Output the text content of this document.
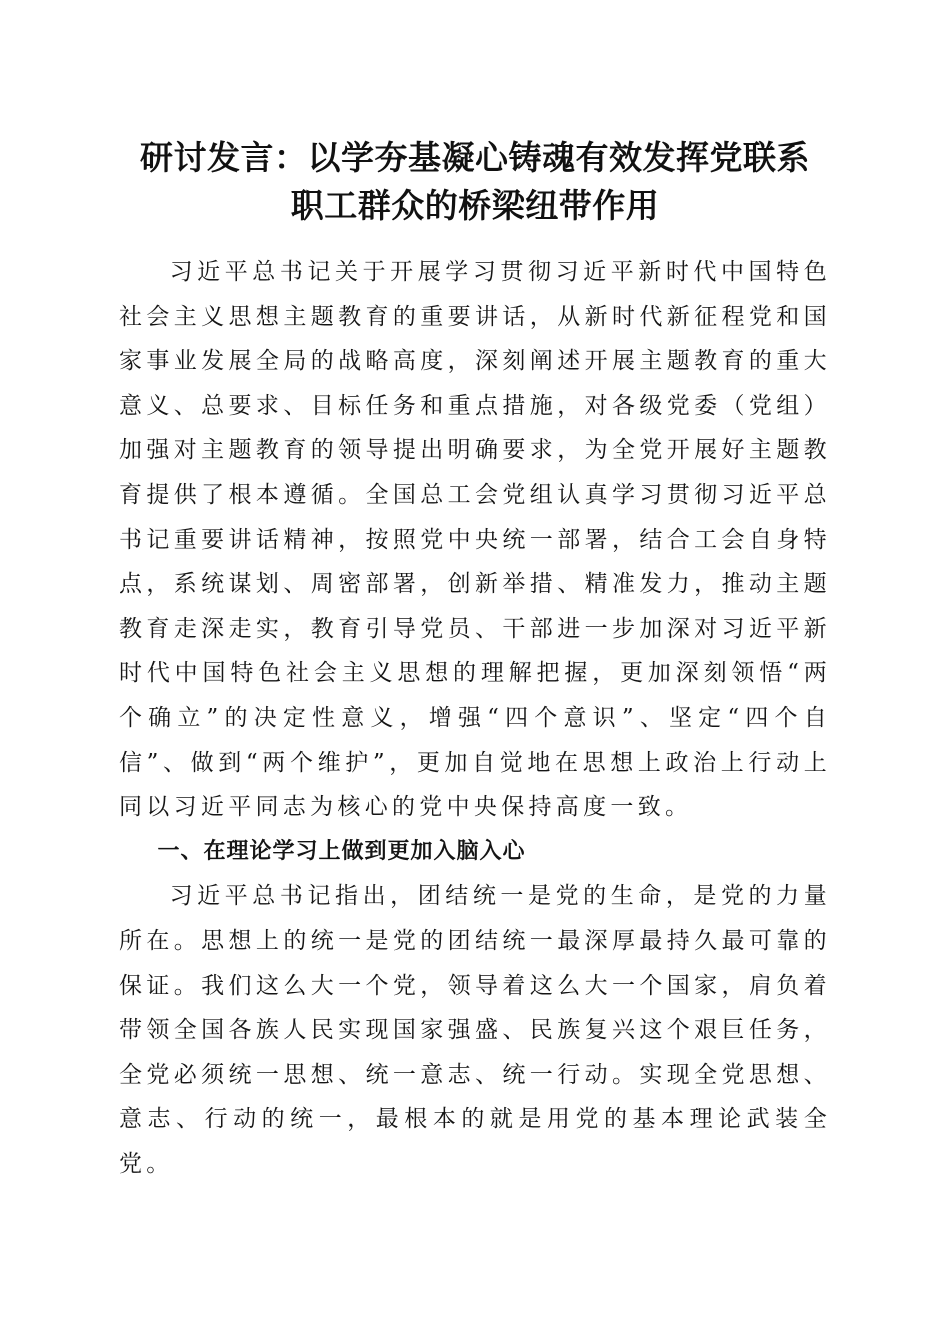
研讨发言：以学夯基凝心铸魂有效发挥党联系
职工群众的桥梁纽带作用

习近平总书记关于开展学习贯彻习近平新时代中国特色社会主义思想主题教育的重要讲话，从新时代新征程党和国家事业发展全局的战略高度，深刻阐述开展主题教育的重大意义、总要求、目标任务和重点措施，对各级党委（党组）加强对主题教育的领导提出明确要求，为全党开展好主题教育提供了根本遵循。全国总工会党组认真学习贯彻习近平总书记重要讲话精神，按照党中央统一部署，结合工会自身特点，系统谋划、周密部署，创新举措、精准发力，推动主题教育走深走实，教育引导党员、干部进一步加深对习近平新时代中国特色社会主义思想的理解把握，更加深刻领悟“两个确立”的决定性意义，增强“四个意识”、坚定“四个自信”、做到“两个维护”，更加自觉地在思想上政治上行动上同以习近平同志为核心的党中央保持高度一致。

一、在理论学习上做到更加入脑入心

习近平总书记指出，团结统一是党的生命，是党的力量所在。思想上的统一是党的团结统一最深厚最持久最可靠的保证。我们这么大一个党，领导着这么大一个国家，肩负着带领全国各族人民实现国家强盛、民族复兴这个艰巨任务，全党必须统一思想、统一意志、统一行动。实现全党思想、意志、行动的统一，最根本的就是用党的基本理论武装全党。
